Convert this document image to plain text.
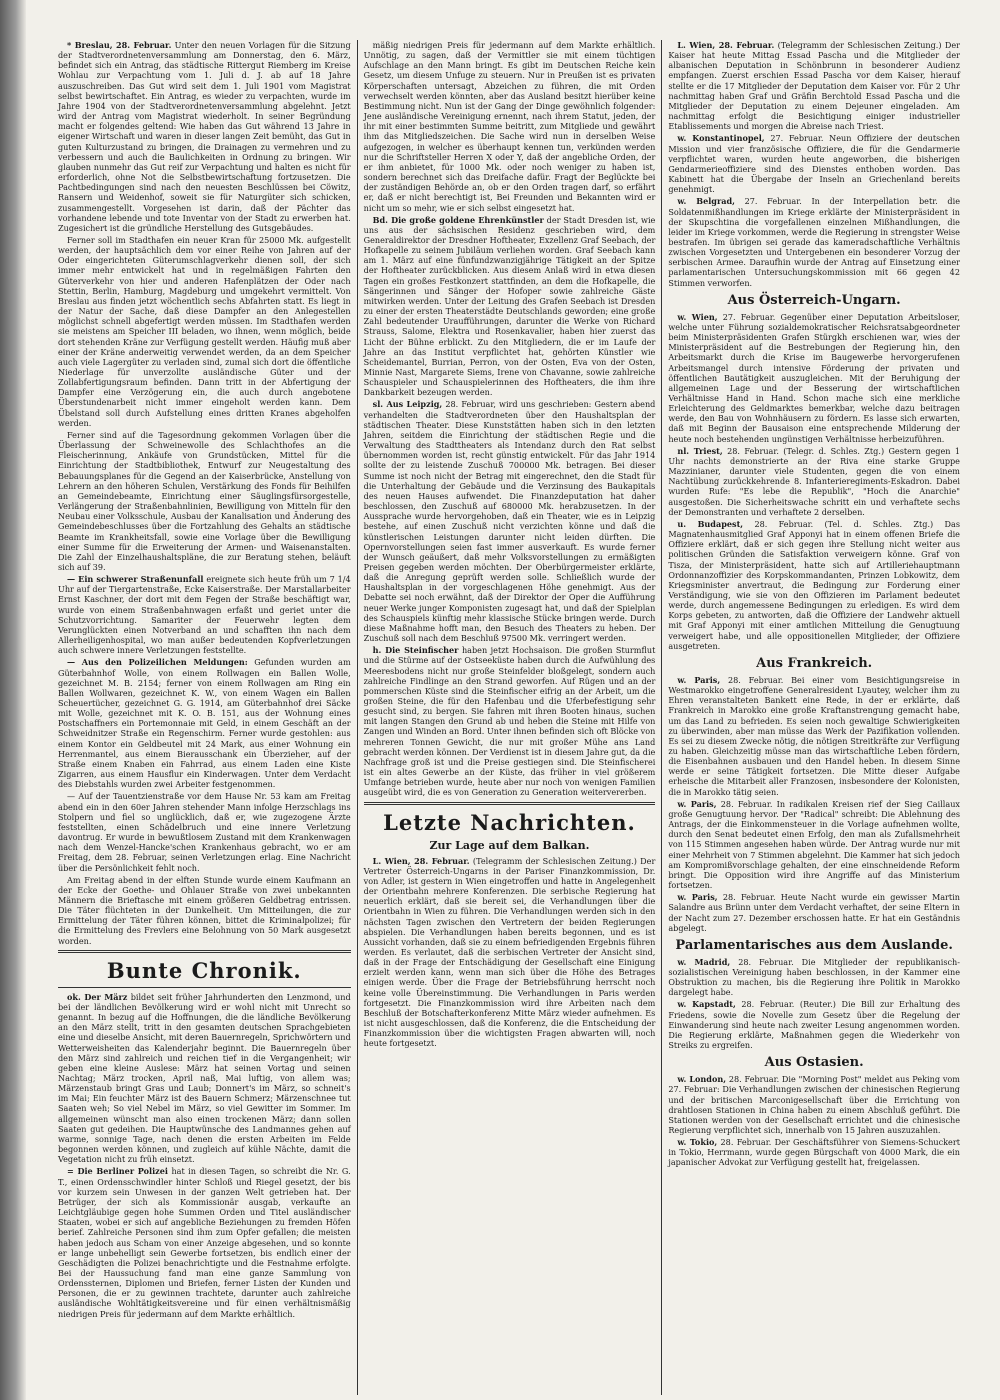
* Breslau, 28. Februar. Unter den neuen Vorlagen für die Sitzung der Stadtverordnetenversammlung am Donnerstag, den 6. März, befindet sich ein Antrag, das städtische Rittergut Riemberg im Kreise Wohlau zur Verpachtung vom 1. Juli d. J. ab auf 18 Jahre auszuschreiben. Das Gut wird seit dem 1. Juli 1901 vom Magistrat selbst bewirtschaftet. Ein Antrag, es wieder zu verpachten, wurde im Jahre 1904 von der Stadtverordnetenversammlung abgelehnt. Jetzt wird der Antrag vom Magistrat wiederholt. In seiner Begründung macht er folgendes geltend: Wie haben das Gut während 13 Jahre in eigener Wirtschaft und waren in dieser langen Zeit bemüht, das Gut in guten Kulturzustand zu bringen, die Drainagen zu vermehren und zu verbessern und auch die Baulichkeiten in Ordnung zu bringen. Wir glauben nunmehr das Gut reif zur Verpachtung und halten es nicht für erforderlich, ohne Not die Selbstbewirtschaftung fortzusetzen. Die Pachtbedingungen sind nach den neuesten Beschlüssen bei Cöwitz, Ransern und Weidenhof, soweit sie für Naturgüter sich schicken, zusammengestellt. Vorgesehen ist darin, daß der Pächter das vorhandene lebende und tote Inventar von der Stadt zu erwerben hat. Zugesichert ist die gründliche Herstellung des Gutsgebäudes.

Ferner soll im Stadthafen ein neuer Kran für 25000 Mk. aufgestellt werden, der hauptsächlich dem vor einer Reihe von Jahren auf der Oder eingerichteten Güterumschlagverkehr dienen soll, der sich immer mehr entwickelt hat und in regelmäßigen Fahrten den Güterverkehr von hier und anderen Hafenplätzen der Oder nach Stettin, Berlin, Hamburg, Magdeburg und umgekehrt vermittelt. Von Breslau aus finden jetzt wöchentlich sechs Abfahrten statt. Es liegt in der Natur der Sache, daß diese Dampfer an den Anlegestellen möglichst schnell abgefertigt werden müssen. Im Stadthafen werden sie meistens am Speicher III beladen, wo ihnen, wenn möglich, beide dort stehenden Kräne zur Verfügung gestellt werden. Häufig muß aber einer der Kräne anderweitig verwendet werden, da an dem Speicher auch viele Lagergüter zu verladen sind, zumal sich dort die öffentliche Niederlage für unverzollte ausländische Güter und der Zollabfertigungsraum befinden. Dann tritt in der Abfertigung der Dampfer eine Verzögerung ein, die auch durch angebotene Überstundenarbeit nicht immer eingeholt werden kann. Dem Übelstand soll durch Aufstellung eines dritten Kranes abgeholfen werden.

Ferner sind auf die Tagesordnung gekommen Vorlagen über die Überlassung der Schweinewolle des Schlachthofes an die Fleischerinnung, Ankäufe von Grundstücken, Mittel für die Einrichtung der Stadtbibliothek, Entwurf zur Neugestaltung des Bebauungsplanes für die Gegend an der Kaiserbrücke, Anstellung von Lehrern an den höheren Schulen, Verstärkung des Fonds für Beihilfen an Gemeindebeamte, Einrichtung einer Säuglingsfürsorgestelle, Verlängerung der Straßenbahnlinien, Bewilligung von Mitteln für den Neubau einer Volksschule, Ausbau der Kanalisation und Änderung des Gemeindebeschlusses über die Fortzahlung des Gehalts an städtische Beamte im Krankheitsfall, sowie eine Vorlage über die Bewilligung einer Summe für die Erweiterung der Armen- und Waisenanstalten. Die Zahl der Einzelhaushaltspläne, die zur Beratung stehen, beläuft sich auf 39.

— Ein schwerer Straßenunfall ereignete sich heute früh um 7 1/4 Uhr auf der Tiergartenstraße, Ecke Kaiserstraße. Der Marstallarbeiter Ernst Kaschner, der dort mit dem Fegen der Straße beschäftigt war, wurde von einem Straßenbahnwagen erfaßt und geriet unter die Schutzvorrichtung. Samariter der Feuerwehr legten dem Verunglückten einen Notverband an und schafften ihn nach dem Allerheiligenhospital, wo man außer bedeutenden Kopfverletzungen auch schwere innere Verletzungen feststellte.

— Aus den Polizeilichen Meldungen: Gefunden wurden am Güterbahnhof Wolle, von einem Rollwagen ein Ballen Wolle, gezeichnet M. B. 2154; ferner von einem Rollwagen am Ring ein Ballen Wollwaren, gezeichnet K. W., von einem Wagen ein Ballen Scheuertücher, gezeichnet G. G. 1914, am Güterbahnhof drei Säcke mit Wolle, gezeichnet mit K. O. B. 151, aus der Wohnung eines Postschaffners ein Portemonnaie mit Geld, in einem Geschäft an der Schweidnitzer Straße ein Regenschirm. Ferner wurde gestohlen: aus einem Kontor ein Geldbeutel mit 24 Mark, aus einer Wohnung ein Herrenmantel, aus einem Bierausschank ein Überzieher, auf der Straße einem Knaben ein Fahrrad, aus einem Laden eine Kiste Zigarren, aus einem Hausflur ein Kinderwagen. Unter dem Verdacht des Diebstahls wurden zwei Arbeiter festgenommen.

— Auf der Tauentzienstraße vor dem Hause Nr. 53 kam am Freitag abend ein in den 60er Jahren stehender Mann infolge Herzschlags ins Stolpern und fiel so unglücklich, daß er, wie zugezogene Ärzte feststellten, einen Schädelbruch und eine innere Verletzung davontrug. Er wurde in bewußtlosem Zustand mit dem Krankenwagen nach dem Wenzel-Hancke'schen Krankenhaus gebracht, wo er am Freitag, dem 28. Februar, seinen Verletzungen erlag. Eine Nachricht über die Persönlichkeit fehlt noch.

Am Freitag abend in der elften Stunde wurde einem Kaufmann an der Ecke der Goethe- und Ohlauer Straße von zwei unbekannten Männern die Brieftasche mit einem größeren Geldbetrag entrissen. Die Täter flüchteten in der Dunkelheit. Um Mitteilungen, die zur Ermittelung der Täter führen können, bittet die Kriminalpolizei; für die Ermittelung des Frevlers eine Belohnung von 50 Mark ausgesetzt worden.

Bunte Chronik.

ok. Der März bildet seit früher Jahrhunderten den Lenzmond, und bei der ländlichen Bevölkerung wird er wohl nicht mit Unrecht so genannt. In bezug auf die Hoffnungen, die die ländliche Bevölkerung an den März stellt, tritt in den gesamten deutschen Sprachgebieten eine und dieselbe Ansicht, mit deren Bauernregeln, Sprichwörtern und Wetterweisheiten das Kalenderjahr beginnt. Die Bauernregeln über den März sind zahlreich und reichen tief in die Vergangenheit; wir geben eine kleine Auslese: März hat seinen Vortag und seinen Nachtag; März trocken, April naß, Mai luftig, von allem was; Märzenstaub bringt Gras und Laub; Donnert's im März, so schneit's im Mai; Ein feuchter März ist des Bauern Schmerz; Märzenschnee tut Saaten weh; So viel Nebel im März, so viel Gewitter im Sommer. Im allgemeinen wünscht man also einen trockenen März; dann sollen Saaten gut gedeihen. Die Hauptwünsche des Landmannes gehen auf warme, sonnige Tage, nach denen die ersten Arbeiten im Felde begonnen werden können, und zugleich auf kühle Nächte, damit die Vegetation nicht zu früh einsetzt.

= Die Berliner Polizei hat in diesen Tagen, so schreibt die Nr. G. T., einen Ordensschwindler hinter Schloß und Riegel gesetzt, der bis vor kurzem sein Unwesen in der ganzen Welt getrieben hat. Der Betrüger, der sich als Kommissionär ausgab, verkaufte an Leichtgläubige gegen hohe Summen Orden und Titel ausländischer Staaten, wobei er sich auf angebliche Beziehungen zu fremden Höfen berief. Zahlreiche Personen sind ihm zum Opfer gefallen; die meisten haben jedoch aus Scham von einer Anzeige abgesehen, und so konnte er lange unbehelligt sein Gewerbe fortsetzen, bis endlich einer der Geschädigten die Polizei benachrichtigte und die Festnahme erfolgte. Bei der Haussuchung fand man eine ganze Sammlung von Ordenssternen, Diplomen und Briefen, ferner Listen der Kunden und Personen, die er zu gewinnen trachtete, darunter auch zahlreiche ausländische Wohltätigkeitsvereine und für einen verhältnismäßig niedrigen Preis für jedermann auf dem Markte erhältlich.

mäßig niedrigen Preis für jedermann auf dem Markte erhältlich. Unnötig, zu sagen, daß der Vermittler sie mit einem tüchtigen Aufschlage an den Mann bringt. Es gibt im Deutschen Reiche kein Gesetz, um diesem Unfuge zu steuern. Nur in Preußen ist es privaten Körperschaften untersagt, Abzeichen zu führen, die mit Orden verwechselt werden könnten, aber das Ausland besitzt hierüber keine Bestimmung nicht. Nun ist der Gang der Dinge gewöhnlich folgender: Jene ausländische Vereinigung ernennt, nach ihrem Statut, jeden, der ihr mit einer bestimmten Summe beitritt, zum Mitgliede und gewährt ihm das Mitgliedszeichen. Die Sache wird nun in derselben Weise aufgezogen, in welcher es überhaupt kennen tun, verkünden werden nur die Schriftsteller Herren X oder Y, daß der angebliche Orden, der er ihm anbietet, für 1000 Mk. oder noch weniger zu haben ist, sondern berechnet sich das Dreifache dafür. Fragt der Beglückte bei der zuständigen Behörde an, ob er den Orden tragen darf, so erfährt er, daß er nicht berechtigt ist, Bei Freunden und Bekannten wird er nicht um so mehr, wie er sich selbst eingesetzt hat.

Bd. Die große goldene Ehrenkünstler der Stadt Dresden ist, wie uns aus der sächsischen Residenz geschrieben wird, dem Generaldirektor der Dresdner Hoftheater, Exzellenz Graf Seebach, der Hofkapelle zu seinem Jubiläum verliehen worden. Graf Seebach kann am 1. März auf eine fünfundzwanzigjährige Tätigkeit an der Spitze der Hoftheater zurückblicken. Aus diesem Anlaß wird in etwa diesen Tagen ein großes Festkonzert stattfinden, an dem die Hofkapelle, die Sängerinnen und Sänger der Hofoper sowie zahlreiche Gäste mitwirken werden. Unter der Leitung des Grafen Seebach ist Dresden zu einer der ersten Theaterstädte Deutschlands geworden; eine große Zahl bedeutender Uraufführungen, darunter die Werke von Richard Strauss, Salome, Elektra und Rosenkavalier, haben hier zuerst das Licht der Bühne erblickt. Zu den Mitgliedern, die er im Laufe der Jahre an das Institut verpflichtet hat, gehörten Künstler wie Scheidemantel, Burrian, Perron, von der Osten, Eva von der Osten, Minnie Nast, Margarete Siems, Irene von Chavanne, sowie zahlreiche Schauspieler und Schauspielerinnen des Hoftheaters, die ihm ihre Dankbarkeit bezeugen werden.

sl. Aus Leipzig, 28. Februar, wird uns geschrieben: Gestern abend verhandelten die Stadtverordneten über den Haushaltsplan der städtischen Theater. Diese Kunststätten haben sich in den letzten Jahren, seitdem die Einrichtung der städtischen Regie und die Verwaltung des Stadttheaters als Intendanz durch den Rat selbst übernommen worden ist, recht günstig entwickelt. Für das Jahr 1914 sollte der zu leistende Zuschuß 700000 Mk. betragen. Bei dieser Summe ist noch nicht der Betrag mit eingerechnet, den die Stadt für die Unterhaltung der Gebäude und die Verzinsung des Baukapitals des neuen Hauses aufwendet. Die Finanzdeputation hat daher beschlossen, den Zuschuß auf 680000 Mk. herabzusetzen. In der Aussprache wurde hervorgehoben, daß ein Theater, wie es in Leipzig bestehe, auf einen Zuschuß nicht verzichten könne und daß die künstlerischen Leistungen darunter nicht leiden dürften. Die Opernvorstellungen seien fast immer ausverkauft. Es wurde ferner der Wunsch geäußert, daß mehr Volksvorstellungen zu ermäßigten Preisen gegeben werden möchten. Der Oberbürgermeister erklärte, daß die Anregung geprüft werden solle. Schließlich wurde der Haushaltsplan in der vorgeschlagenen Höhe genehmigt. Aus der Debatte sei noch erwähnt, daß der Direktor der Oper die Aufführung neuer Werke junger Komponisten zugesagt hat, und daß der Spielplan des Schauspiels künftig mehr klassische Stücke bringen werde. Durch diese Maßnahme hofft man, den Besuch des Theaters zu heben. Der Zuschuß soll nach dem Beschluß 97500 Mk. verringert werden.

h. Die Steinfischer haben jetzt Hochsaison. Die großen Sturmflut und die Stürme auf der Ostseeküste haben durch die Aufwühlung des Meeresbodens nicht nur große Steinfelder bloßgelegt, sondern auch zahlreiche Findlinge an den Strand geworfen. Auf Rügen und an der pommerschen Küste sind die Steinfischer eifrig an der Arbeit, um die großen Steine, die für den Hafenbau und die Uferbefestigung sehr gesucht sind, zu bergen. Sie fahren mit ihren Booten hinaus, suchen mit langen Stangen den Grund ab und heben die Steine mit Hilfe von Zangen und Winden an Bord. Unter ihnen befinden sich oft Blöcke von mehreren Tonnen Gewicht, die nur mit großer Mühe ans Land gebracht werden können. Der Verdienst ist in diesem Jahre gut, da die Nachfrage groß ist und die Preise gestiegen sind. Die Steinfischerei ist ein altes Gewerbe an der Küste, das früher in viel größerem Umfange betrieben wurde, heute aber nur noch von wenigen Familien ausgeübt wird, die es von Generation zu Generation weitervererben.

Letzte Nachrichten.
Zur Lage auf dem Balkan.

L. Wien, 28. Februar. (Telegramm der Schlesischen Zeitung.) Der Vertreter Österreich-Ungarns in der Pariser Finanzkommission, Dr. von Adler, ist gestern in Wien eingetroffen und hatte in Angelegenheit der Orientbahn mehrere Konferenzen. Die serbische Regierung hat neuerlich erklärt, daß sie bereit sei, die Verhandlungen über die Orientbahn in Wien zu führen. Die Verhandlungen werden sich in den nächsten Tagen zwischen den Vertretern der beiden Regierungen abspielen. Die Verhandlungen haben bereits begonnen, und es ist Aussicht vorhanden, daß sie zu einem befriedigenden Ergebnis führen werden. Es verlautet, daß die serbischen Vertreter der Ansicht sind, daß in der Frage der Entschädigung der Gesellschaft eine Einigung erzielt werden kann, wenn man sich über die Höhe des Betrages einigen werde. Über die Frage der Betriebsführung herrscht noch keine volle Übereinstimmung. Die Verhandlungen in Paris werden fortgesetzt. Die Finanzkommission wird ihre Arbeiten nach dem Beschluß der Botschafterkonferenz Mitte März wieder aufnehmen. Es ist nicht ausgeschlossen, daß die Konferenz, die die Entscheidung der Finanzkommission über die wichtigsten Fragen abwarten will, noch heute fortgesetzt.

L. Wien, 28. Februar. (Telegramm der Schlesischen Zeitung.) Der Kaiser hat heute Mittag Essad Pascha und die Mitglieder der albanischen Deputation in Schönbrunn in besonderer Audienz empfangen. Zuerst erschien Essad Pascha vor dem Kaiser, hierauf stellte er die 17 Mitglieder der Deputation dem Kaiser vor. Für 2 Uhr nachmittag haben Graf und Gräfin Berchtold Essad Pascha und die Mitglieder der Deputation zu einem Dejeuner eingeladen. Am nachmittag erfolgt die Besichtigung einiger industrieller Etablissements und morgen die Abreise nach Triest.

w. Konstantinopel, 27. Februar. Neun Offiziere der deutschen Mission und vier französische Offiziere, die für die Gendarmerie verpflichtet waren, wurden heute angeworben, die bisherigen Gendarmerieoffiziere sind des Dienstes enthoben worden. Das Kabinett hat die Übergabe der Inseln an Griechenland bereits genehmigt.

w. Belgrad, 27. Februar. In der Interpellation betr. die Soldatenmißhandlungen im Kriege erklärte der Ministerpräsident in der Skupschtina die vorgefallenen einzelnen Mißhandlungen, die leider im Kriege vorkommen, werde die Regierung in strengster Weise bestrafen. Im übrigen sei gerade das kameradschaftliche Verhältnis zwischen Vorgesetzten und Untergebenen ein besonderer Vorzug der serbischen Armee. Daraufhin wurde der Antrag auf Einsetzung einer parlamentarischen Untersuchungskommission mit 66 gegen 42 Stimmen verworfen.

Aus Österreich-Ungarn.

w. Wien, 27. Februar. Gegenüber einer Deputation Arbeitsloser, welche unter Führung sozialdemokratischer Reichsratsabgeordneter beim Ministerpräsidenten Grafen Stürgkh erschienen war, wies der Ministerpräsident auf die Bestrebungen der Regierung hin, den Arbeitsmarkt durch die Krise im Baugewerbe hervorgerufenen Arbeitsmangel durch intensive Förderung der privaten und öffentlichen Bautätigkeit auszugleichen. Mit der Beruhigung der allgemeinen Lage und der Besserung der wirtschaftlichen Verhältnisse Hand in Hand. Schon mache sich eine merkliche Erleichterung des Geldmarktes bemerkbar, welche dazu beitragen werde, den Bau von Wohnhäusern zu fördern. Es lasse sich erwarten, daß mit Beginn der Bausaison eine entsprechende Milderung der heute noch bestehenden ungünstigen Verhältnisse herbeizuführen.

nl. Triest, 28. Februar. (Telegr. d. Schles. Ztg.) Gestern gegen 1 Uhr nachts demonstrierte an der Riva eine starke Gruppe Mazzinianer, darunter viele Studenten, gegen die von einem Nachtübung zurückkehrende 8. Infanterieregiments-Eskadron. Dabei wurden Rufe: "Es lebe die Republik", "Hoch die Anarchie" ausgestoßen. Die Sicherheitswache schritt ein und verhaftete sechs der Demonstranten und verhaftete 2 derselben.

u. Budapest, 28. Februar. (Tel. d. Schles. Ztg.) Das Magnatenhausmitglied Graf Apponyi hat in einem offenen Briefe die Offiziere erklärt, daß er sich gegen ihre Stellung nicht weiter aus politischen Gründen die Satisfaktion verweigern könne. Graf von Tisza, der Ministerpräsident, hatte sich auf Artilleriehauptmann Ordonnanzoffizier des Korpskommandanten, Prinzen Lobkowitz, dem Kriegsminister anvertraut, die Bedingung zur Forderung einer Verständigung, wie sie von den Offizieren im Parlament bedeutet werde, durch angemessene Bedingungen zu erledigen. Es wird dem Korps gebeten, zu antworten, daß die Offiziere der Landwehr aktuell mit Graf Apponyi mit einer amtlichen Mitteilung die Genugtuung verweigert habe, und alle oppositionellen Mitglieder, der Offiziere ausgetreten.

Aus Frankreich.

w. Paris, 28. Februar. Bei einer vom Besichtigungsreise in Westmarokko eingetroffene Generalresident Lyautey, welcher ihm zu Ehren veranstalteten Bankett eine Rede, in der er erklärte, daß Frankreich in Marokko eine große Kraftanstrengung gemacht habe, um das Land zu befrieden. Es seien noch gewaltige Schwierigkeiten zu überwinden, aber man müsse das Werk der Pazifikation vollenden. Es sei zu diesem Zwecke nötig, die nötigen Streitkräfte zur Verfügung zu haben. Gleichzeitig müsse man das wirtschaftliche Leben fördern, die Eisenbahnen ausbauen und den Handel heben. In diesem Sinne werde er seine Tätigkeit fortsetzen. Die Mitte dieser Aufgabe erheische die Mitarbeit aller Franzosen, insbesondere der Kolonisten, die in Marokko tätig seien.

w. Paris, 28. Februar. In radikalen Kreisen rief der Sieg Caillaux große Genugtuung hervor. Der "Radical" schreibt: Die Ablehnung des Antrags, der die Einkommensteuer in die Vorlage aufnehmen wollte, durch den Senat bedeutet einen Erfolg, den man als Zufallsmehrheit von 115 Stimmen angesehen haben würde. Der Antrag wurde nur mit einer Mehrheit von 7 Stimmen abgelehnt. Die Kammer hat sich jedoch am Kompromißvorschlage gehalten, der eine einschneidende Reform bringt. Die Opposition wird ihre Angriffe auf das Ministerium fortsetzen.

w. Paris, 28. Februar. Heute Nacht wurde ein gewisser Martin Salandre aus Brünn unter dem Verdacht verhaftet, der seine Eltern in der Nacht zum 27. Dezember erschossen hatte. Er hat ein Geständnis abgelegt.

Parlamentarisches aus dem Auslande.

w. Madrid, 28. Februar. Die Mitglieder der republikanisch-sozialistischen Vereinigung haben beschlossen, in der Kammer eine Obstruktion zu machen, bis die Regierung ihre Politik in Marokko dargelegt habe.

w. Kapstadt, 28. Februar. (Reuter.) Die Bill zur Erhaltung des Friedens, sowie die Novelle zum Gesetz über die Regelung der Einwanderung sind heute nach zweiter Lesung angenommen worden. Die Regierung erklärte, Maßnahmen gegen die Wiederkehr von Streiks zu ergreifen.

Aus Ostasien.

w. London, 28. Februar. Die "Morning Post" meldet aus Peking vom 27. Februar: Die Verhandlungen zwischen der chinesischen Regierung und der britischen Marconigesellschaft über die Errichtung von drahtlosen Stationen in China haben zu einem Abschluß geführt. Die Stationen werden von der Gesellschaft errichtet und die chinesische Regierung verpflichtet sich, innerhalb von 15 Jahren auszuzahlen.

w. Tokio, 28. Februar. Der Geschäftsführer von Siemens-Schuckert in Tokio, Herrmann, wurde gegen Bürgschaft von 4000 Mark, die ein japanischer Advokat zur Verfügung gestellt hat, freigelassen.
